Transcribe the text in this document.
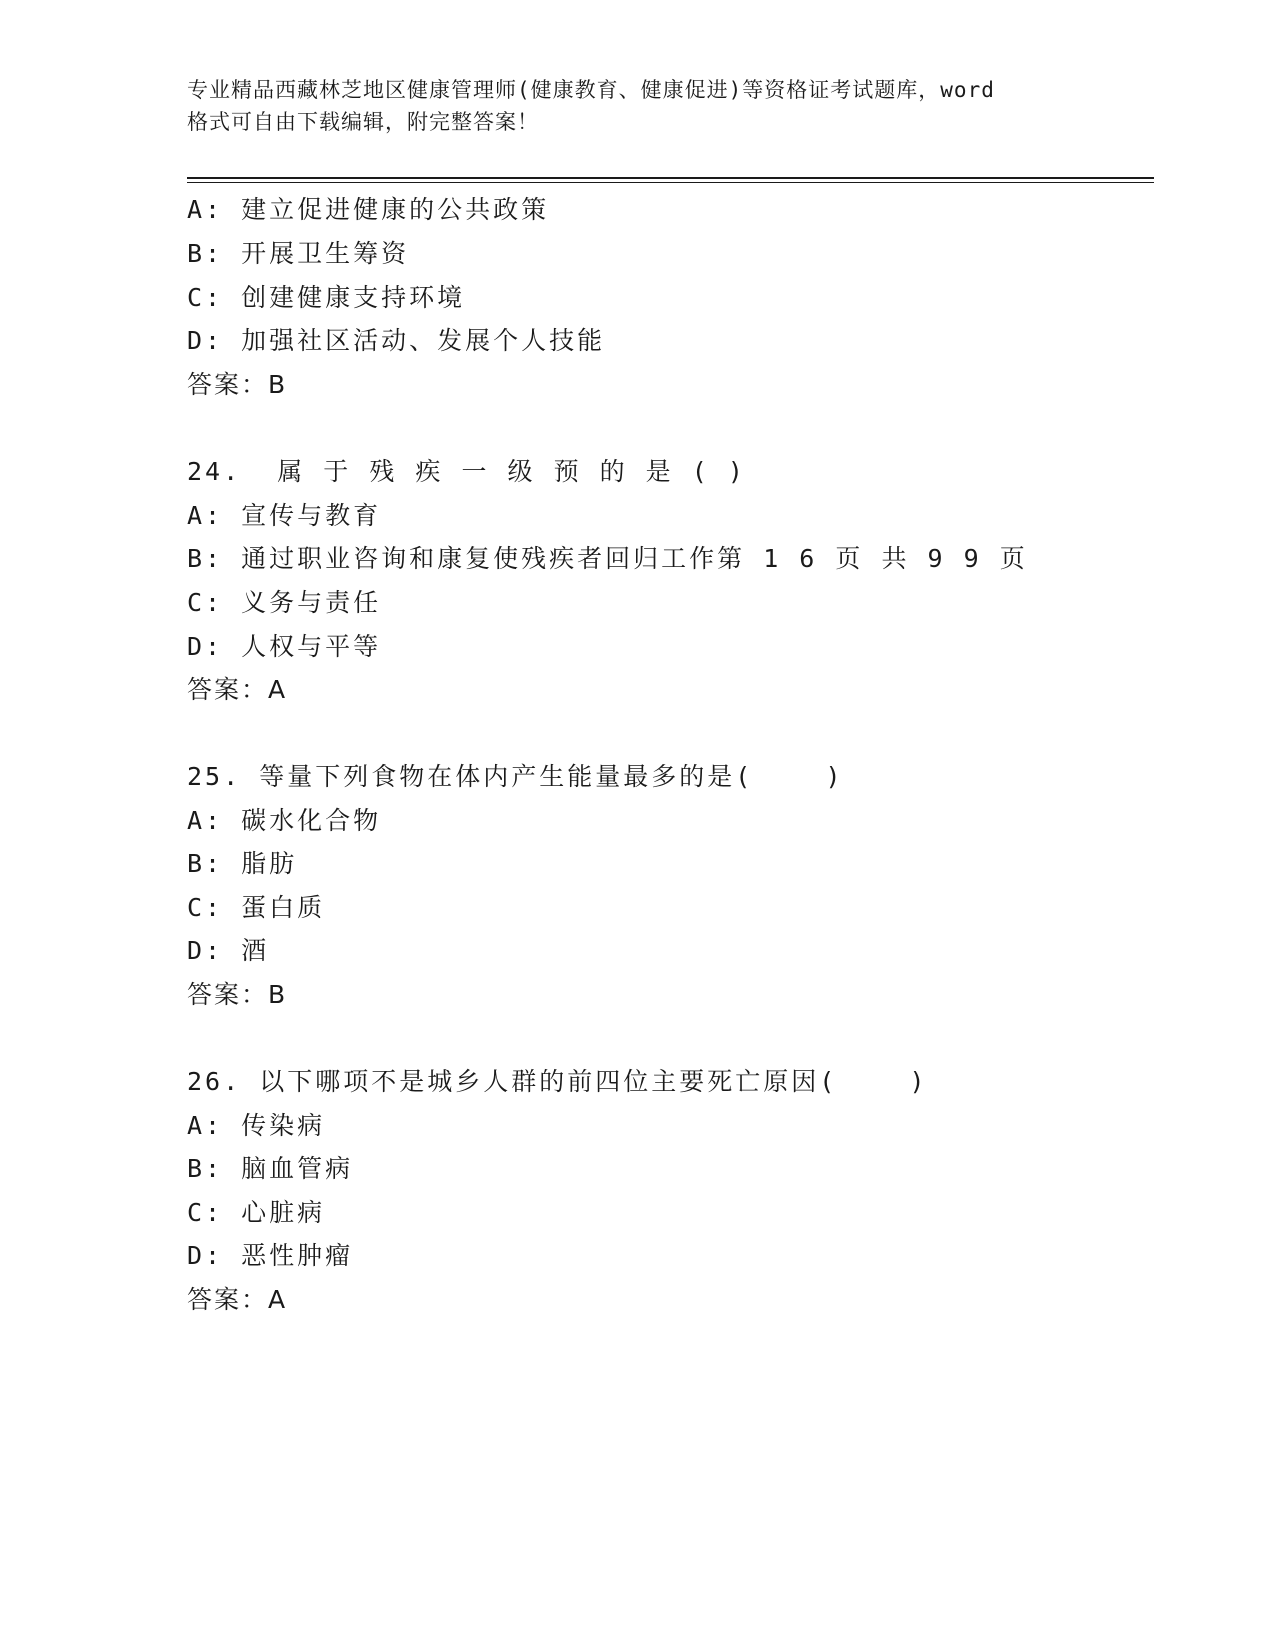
专业精品西藏林芝地区健康管理师(健康教育、健康促进)等资格证考试题库，word
格式可自由下载编辑，附完整答案！
A: 建立促进健康的公共政策
B: 开展卫生筹资
C: 创建健康支持环境
D: 加强社区活动、发展个人技能
答案：B
24.  属 于 残 疾 一 级 预 的 是 ( )
A: 宣传与教育
B: 通过职业咨询和康复使残疾者回归工作第 1 6 页 共 9 9 页
C: 义务与责任
D: 人权与平等
答案：A
25. 等量下列食物在体内产生能量最多的是(    )
A: 碳水化合物
B: 脂肪
C: 蛋白质
D: 酒
答案：B
26. 以下哪项不是城乡人群的前四位主要死亡原因(    )
A: 传染病
B: 脑血管病
C: 心脏病
D: 恶性肿瘤
答案：A
